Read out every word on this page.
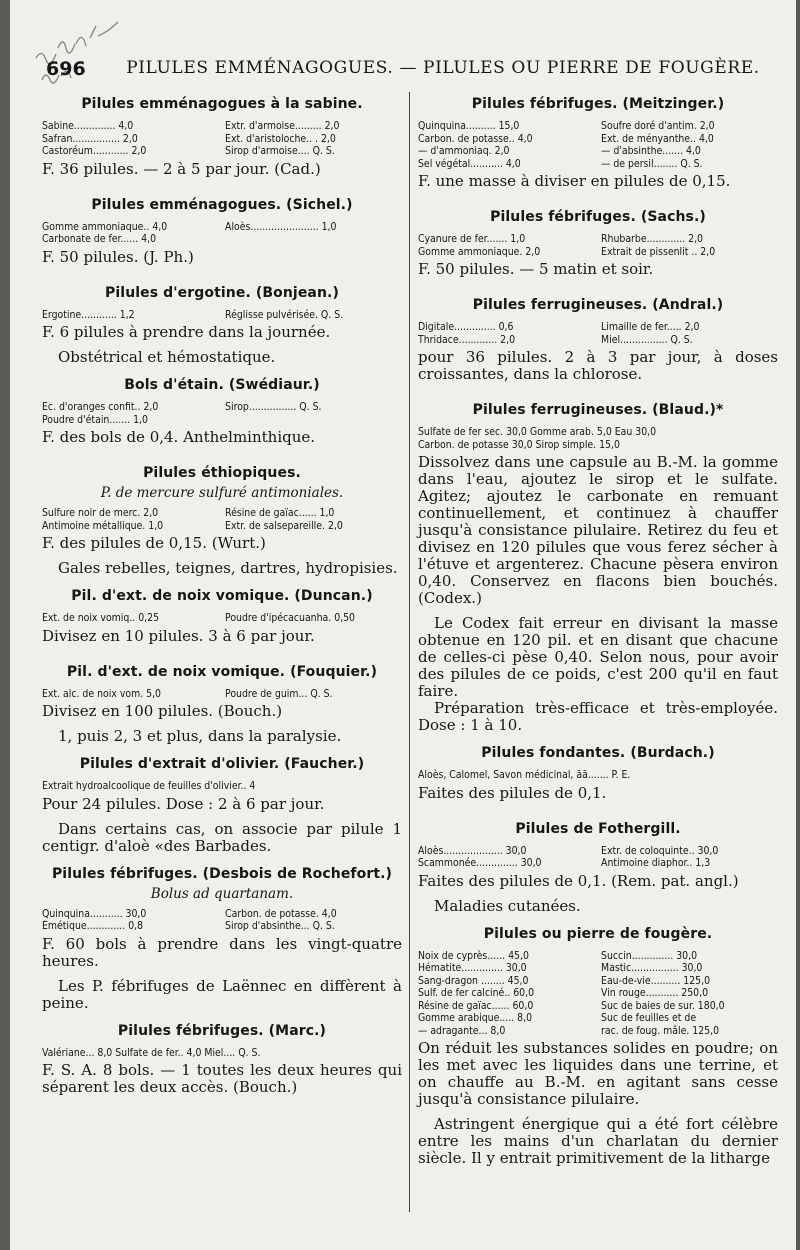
696	PILULES EMMÉNAGOGUES. — PILULES OU PIERRE DE FOUGÈRE.
Pilules emménagogues à la sabine.
Sabine.............. 4,0	Extr. d'armoise......... 2,0
Safran................ 2,0	Ext. d'aristoloche.. . 2,0
Castoréum............ 2,0	Sirop d'armoise.... Q. S.

F. 36 pilules. — 2 à 5 par jour. (Cad.)

Pilules emménagogues. (Sichel.)
Gomme ammoniaque.. 4,0	Aloès....................... 1,0
Carbonate de fer...... 4,0

F. 50 pilules. (J. Ph.)

Pilules d'ergotine. (Bonjean.)
Ergotine............ 1,2	Réglisse pulvérisée. Q. S.

F. 6 pilules à prendre dans la journée.

Obstétrical et hémostatique.

Bols d'étain. (Swédiaur.)
Ec. d'oranges confit.. 2,0	Sirop................ Q. S.
Poudre d'étain....... 1,0

F. des bols de 0,4. Anthelminthique.

Pilules éthiopiques.
P. de mercure sulfuré antimoniales.
Sulfure noir de merc. 2,0	Résine de gaïac...... 1,0
Antimoine métallique. 1,0	Extr. de salsepareille. 2,0

F. des pilules de 0,15. (Wurt.)

Gales rebelles, teignes, dartres, hydropisies.

Pil. d'ext. de noix vomique. (Duncan.)
Ext. de noix vomiq.. 0,25	Poudre d'ipécacuanha. 0,50

Divisez en 10 pilules. 3 à 6 par jour.

Pil. d'ext. de noix vomique. (Fouquier.)
Ext. alc. de noix vom. 5,0	Poudre de guim... Q. S.

Divisez en 100 pilules. (Bouch.)

1, puis 2, 3 et plus, dans la paralysie.

Pilules d'extrait d'olivier. (Faucher.)
Extrait hydroalcoolique de feuilles d'olivier.. 4

Pour 24 pilules. Dose : 2 à 6 par jour.

Dans certains cas, on associe par pilule 1 centigr. d'aloè «des Barbades.

Pilules fébrifuges. (Desbois de Rochefort.)
Bolus ad quartanam.
Quinquina........... 30,0	Carbon. de potasse. 4,0
Émétique............. 0,8	Sirop d'absinthe... Q. S.

F. 60 bols à prendre dans les vingt-quatre heures.

Les P. fébrifuges de Laënnec en diffèrent à peine.

Pilules fébrifuges. (Marc.)
Valériane... 8,0 Sulfate de fer.. 4,0 Miel.... Q. S.

F. S. A. 8 bols. — 1 toutes les deux heures qui séparent les deux accès. (Bouch.)

Pilules fébrifuges. (Meitzinger.)
Quinquina.......... 15,0	Soufre doré d'antim. 2,0
Carbon. de potasse.. 4,0	Ext. de ményanthe.. 4,0
— d'ammoniaq. 2,0	— d'absinthe....... 4,0
Sel végétal........... 4,0	— de persil........ Q. S.

F. une masse à diviser en pilules de 0,15.

Pilules fébrifuges. (Sachs.)
Cyanure de fer....... 1,0	Rhubarbe............. 2,0
Gomme ammoniaque. 2,0	Extrait de pissenlit .. 2,0

F. 50 pilules. — 5 matin et soir.

Pilules ferrugineuses. (Andral.)
Digitale.............. 0,6	Limaille de fer..... 2,0
Thridace............. 2,0	Miel................ Q. S.

pour 36 pilules. 2 à 3 par jour, à doses croissantes, dans la chlorose.

Pilules ferrugineuses. (Blaud.)*
Sulfate de fer sec. 30,0 Gomme arab. 5,0 Eau 30,0
Carbon. de potasse 30,0 Sirop simple. 15,0

Dissolvez dans une capsule au B.-M. la gomme dans l'eau, ajoutez le sirop et le sulfate. Agitez; ajoutez le carbonate en remuant continuellement, et continuez à chauffer jusqu'à consistance pilulaire. Retirez du feu et divisez en 120 pilules que vous ferez sécher à l'étuve et argenterez. Chacune pèsera environ 0,40. Conservez en flacons bien bouchés. (Codex.)

Le Codex fait erreur en divisant la masse obtenue en 120 pil. et en disant que chacune de celles-ci pèse 0,40. Selon nous, pour avoir des pilules de ce poids, c'est 200 qu'il en faut faire.

Préparation très-efficace et très-employée. Dose : 1 à 10.

Pilules fondantes. (Burdach.)
Aloès, Calomel, Savon médicinal, āā....... P. E.

Faites des pilules de 0,1.

Pilules de Fothergill.
Aloès.................... 30,0	Extr. de coloquinte.. 30,0
Scammonée.............. 30,0	Antimoine diaphor.. 1,3

Faites des pilules de 0,1. (Rem. pat. angl.)

Maladies cutanées.

Pilules ou pierre de fougère.
Noix de cyprès...... 45,0	Succin.............. 30,0
Hématite.............. 30,0	Mastic................ 30,0
Sang-dragon ........ 45,0	Eau-de-vie.......... 125,0
Sulf. de fer calciné.. 60,0	Vin rouge........... 250,0
Résine de gaïac...... 60,0	Suc de baies de sur. 180,0
Gomme arabique..... 8,0	Suc de feuilles et de
— adragante... 8,0	rac. de foug. mâle. 125,0

On réduit les substances solides en poudre; on les met avec les liquides dans une terrine, et on chauffe au B.-M. en agitant sans cesse jusqu'à consistance pilulaire.

Astringent énergique qui a été fort célèbre entre les mains d'un charlatan du dernier siècle. Il y entrait primitivement de la litharge
